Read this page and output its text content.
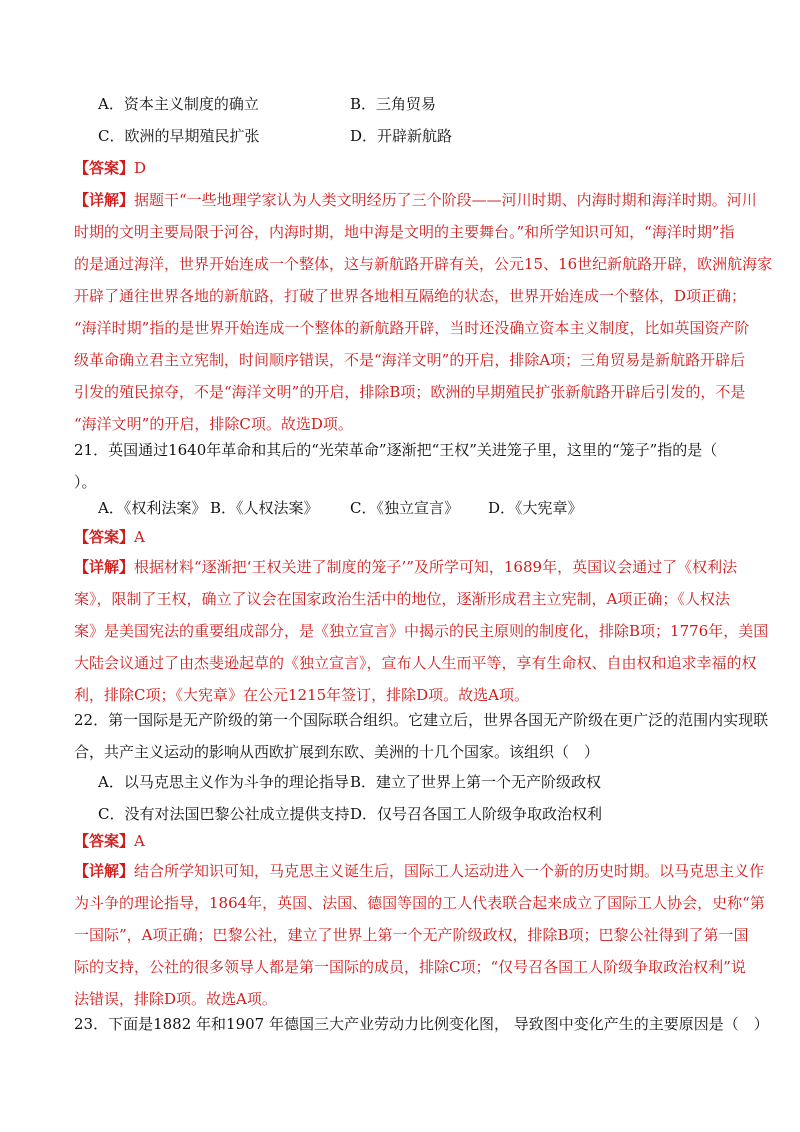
A．资本主义制度的确立	B．三角贸易
C．欧洲的早期殖民扩张	D．开辟新航路
【答案】D
【详解】据题干“一些地理学家认为人类文明经历了三个阶段——河川时期、内海时期和海洋时期。河川
时期的文明主要局限于河谷，内海时期，地中海是文明的主要舞台。”和所学知识可知，“海洋时期”指
的是通过海洋，世界开始连成一个整体，这与新航路开辟有关，公元15、16世纪新航路开辟，欧洲航海家
开辟了通往世界各地的新航路，打破了世界各地相互隔绝的状态，世界开始连成一个整体，D项正确；
“海洋时期”指的是世界开始连成一个整体的新航路开辟，当时还没确立资本主义制度，比如英国资产阶
级革命确立君主立宪制，时间顺序错误，不是“海洋文明”的开启，排除A项；三角贸易是新航路开辟后
引发的殖民掠夺，不是“海洋文明”的开启，排除B项；欧洲的早期殖民扩张新航路开辟后引发的，不是
“海洋文明”的开启，排除C项。故选D项。
21．英国通过1640年革命和其后的“光荣革命”逐渐把“王权”关进笼子里，这里的“笼子”指的是（
）。
A．《权利法案》 B．《人权法案》 C．《独立宣言》 D．《大宪章》
【答案】A
【详解】根据材料“逐渐把‘王权关进了制度的笼子’”及所学可知，1689年，英国议会通过了《权利法
案》，限制了王权，确立了议会在国家政治生活中的地位，逐渐形成君主立宪制，A项正确；《人权法
案》是美国宪法的重要组成部分，是《独立宣言》中揭示的民主原则的制度化，排除B项；1776年，美国
大陆会议通过了由杰斐逊起草的《独立宣言》，宣布人人生而平等，享有生命权、自由权和追求幸福的权
利，排除C项；《大宪章》在公元1215年签订，排除D项。故选A项。
22．第一国际是无产阶级的第一个国际联合组织。它建立后，世界各国无产阶级在更广泛的范围内实现联
合，共产主义运动的影响从西欧扩展到东欧、美洲的十几个国家。该组织（　）
A．以马克思主义作为斗争的理论指导B．建立了世界上第一个无产阶级政权
C．没有对法国巴黎公社成立提供支持D．仅号召各国工人阶级争取政治权利
【答案】A
【详解】结合所学知识可知，马克思主义诞生后，国际工人运动进入一个新的历史时期。以马克思主义作
为斗争的理论指导，1864年，英国、法国、德国等国的工人代表联合起来成立了国际工人协会，史称“第
一国际”，A项正确；巴黎公社，建立了世界上第一个无产阶级政权，排除B项；巴黎公社得到了第一国
际的支持，公社的很多领导人都是第一国际的成员，排除C项；“仅号召各国工人阶级争取政治权利”说
法错误，排除D项。故选A项。
23．下面是1882 年和1907 年德国三大产业劳动力比例变化图， 导致图中变化产生的主要原因是（　）
